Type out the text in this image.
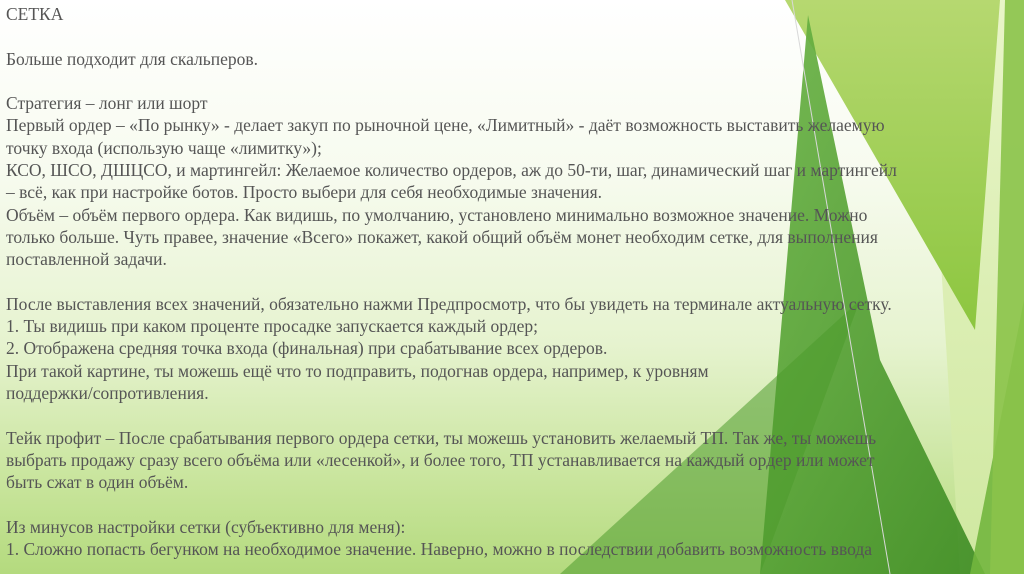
СЕТКА
Больше подходит для скальперов.
Стратегия – лонг или шорт
Первый ордер – «По рынку» - делает закуп по рыночной цене, «Лимитный» - даёт возможность выставить желаемую
точку входа (использую чаще «лимитку»);
КСО, ШСО, ДШЦСО, и мартингейл: Желаемое количество ордеров, аж до 50-ти, шаг, динамический шаг и мартингейл
– всё, как при настройке ботов. Просто выбери для себя необходимые значения.
Объём – объём первого ордера. Как видишь, по умолчанию, установлено минимально возможное значение. Можно
только больше. Чуть правее, значение «Всего» покажет, какой общий объём монет необходим сетке, для выполнения
поставленной задачи.
После выставления всех значений, обязательно нажми Предпросмотр, что бы увидеть на терминале актуальную сетку.
1. Ты видишь при каком проценте просадке запускается каждый ордер;
2. Отображена средняя точка входа (финальная) при срабатывание всех ордеров.
При такой картине, ты можешь ещё что то подправить, подогнав ордера, например, к уровням
поддержки/сопротивления.
Тейк профит – После срабатывания первого ордера сетки, ты можешь установить желаемый ТП. Так же, ты можешь
выбрать продажу сразу всего объёма или «лесенкой», и более того, ТП устанавливается на каждый ордер или может
быть сжат в один объём.
Из минусов настройки сетки (субъективно для меня):
1. Сложно попасть бегунком на необходимое значение. Наверно, можно в последствии добавить возможность ввода
